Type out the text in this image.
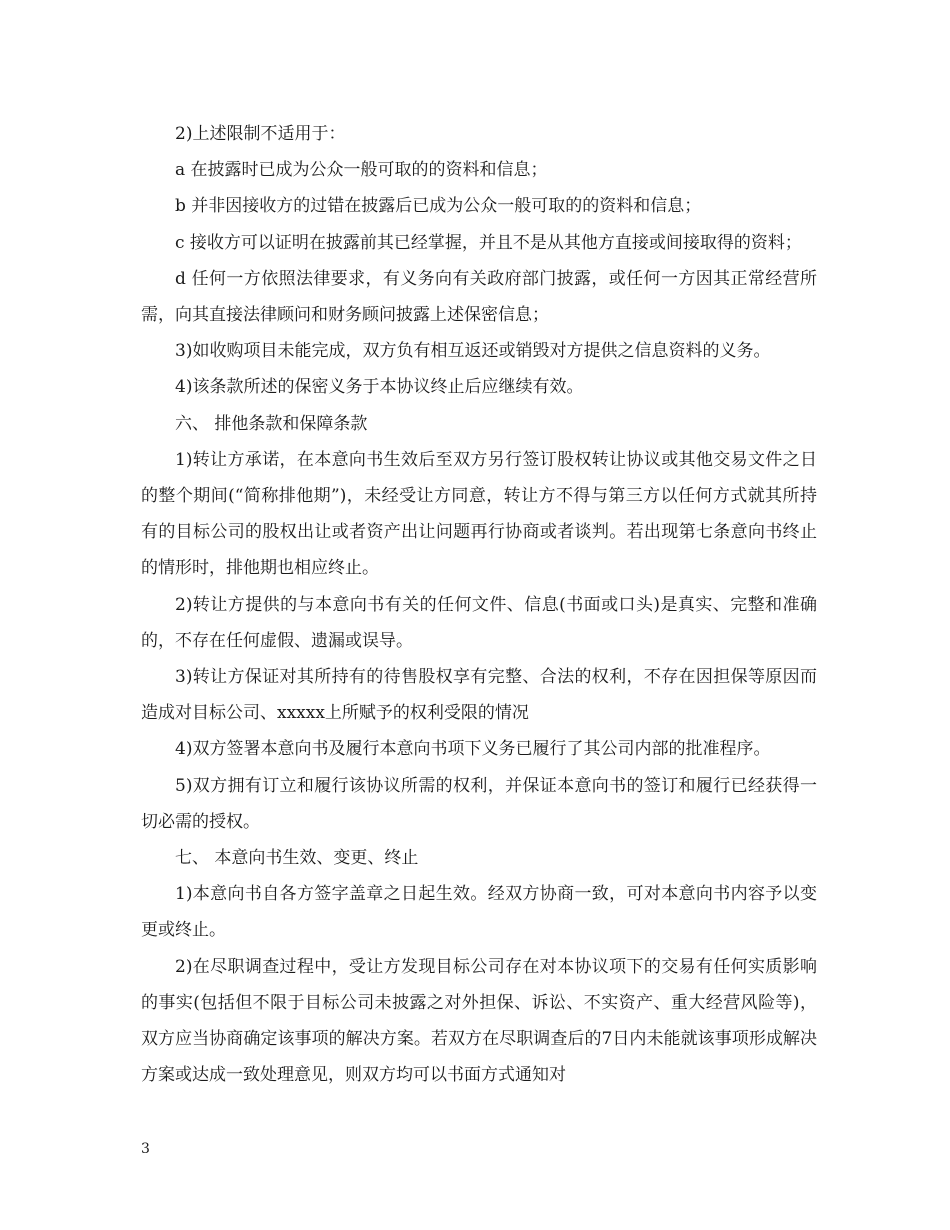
2)上述限制不适用于：

a 在披露时已成为公众一般可取的的资料和信息；

b 并非因接收方的过错在披露后已成为公众一般可取的的资料和信息；

c 接收方可以证明在披露前其已经掌握，并且不是从其他方直接或间接取得的资料；

d 任何一方依照法律要求，有义务向有关政府部门披露，或任何一方因其正常经营所需，向其直接法律顾问和财务顾问披露上述保密信息；

3)如收购项目未能完成，双方负有相互返还或销毁对方提供之信息资料的义务。

4)该条款所述的保密义务于本协议终止后应继续有效。

六、 排他条款和保障条款

1)转让方承诺，在本意向书生效后至双方另行签订股权转让协议或其他交易文件之日的整个期间(“简称排他期”)，未经受让方同意，转让方不得与第三方以任何方式就其所持有的目标公司的股权出让或者资产出让问题再行协商或者谈判。若出现第七条意向书终止的情形时，排他期也相应终止。

2)转让方提供的与本意向书有关的任何文件、信息(书面或口头)是真实、完整和准确的，不存在任何虚假、遗漏或误导。

3)转让方保证对其所持有的待售股权享有完整、合法的权利，不存在因担保等原因而造成对目标公司、xxxxx上所赋予的权利受限的情况

4)双方签署本意向书及履行本意向书项下义务已履行了其公司内部的批准程序。

5)双方拥有订立和履行该协议所需的权利，并保证本意向书的签订和履行已经获得一切必需的授权。

七、 本意向书生效、变更、终止

1)本意向书自各方签字盖章之日起生效。经双方协商一致，可对本意向书内容予以变更或终止。

2)在尽职调查过程中，受让方发现目标公司存在对本协议项下的交易有任何实质影响的事实(包括但不限于目标公司未披露之对外担保、诉讼、不实资产、重大经营风险等)，双方应当协商确定该事项的解决方案。若双方在尽职调查后的7日内未能就该事项形成解决方案或达成一致处理意见，则双方均可以书面方式通知对

3
